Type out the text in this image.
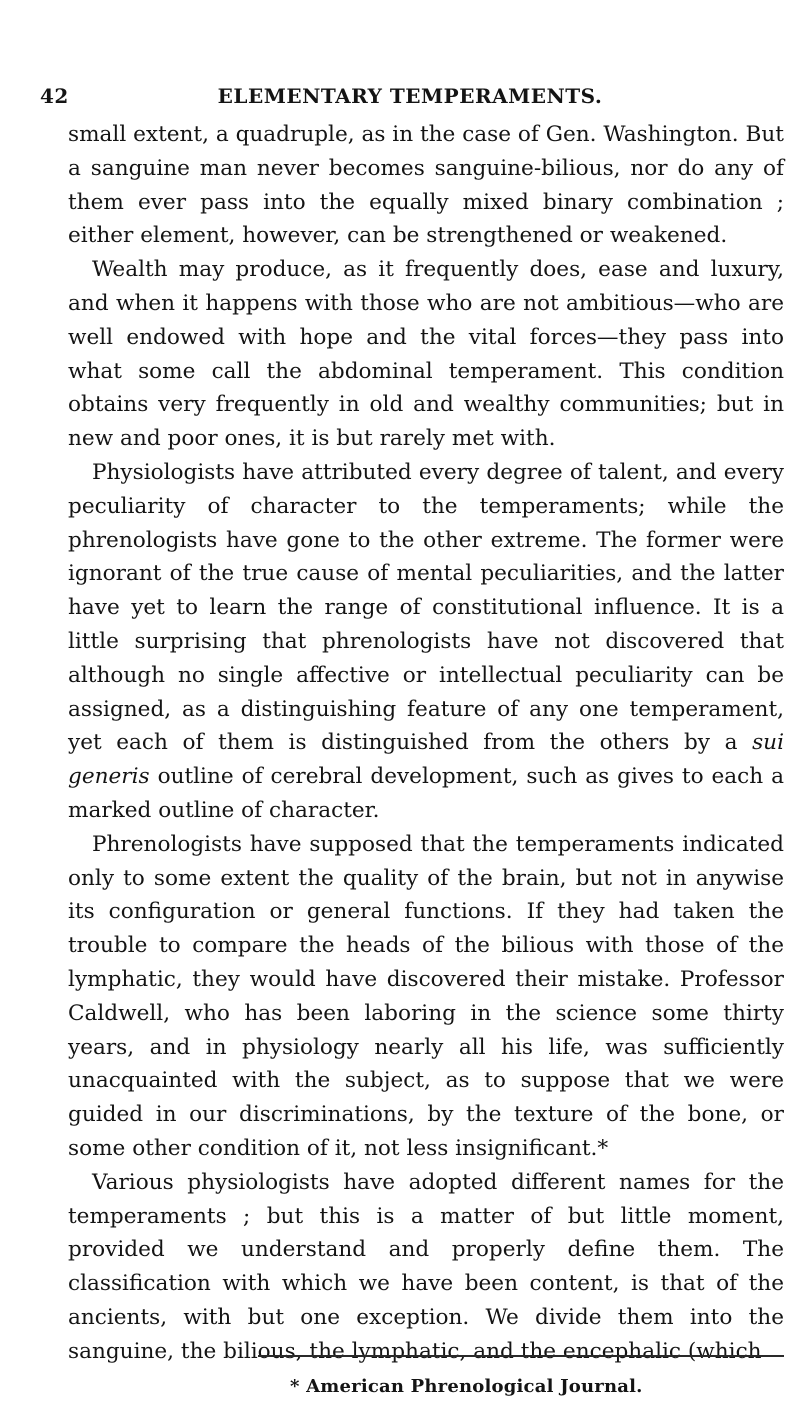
42	ELEMENTARY TEMPERAMENTS.

small extent, a quadruple, as in the case of Gen. Washington. But a sanguine man never becomes sanguine-bilious, nor do any of them ever pass into the equally mixed binary combination ; either element, however, can be strengthened or weakened.

Wealth may produce, as it frequently does, ease and luxury, and when it happens with those who are not ambitious—who are well endowed with hope and the vital forces—they pass into what some call the abdominal temperament. This condition obtains very frequently in old and wealthy communities; but in new and poor ones, it is but rarely met with.

Physiologists have attributed every degree of talent, and every peculiarity of character to the temperaments; while the phrenologists have gone to the other extreme. The former were ignorant of the true cause of mental peculiarities, and the latter have yet to learn the range of constitutional influence. It is a little surprising that phrenologists have not discovered that although no single affective or intellectual peculiarity can be assigned, as a distinguishing feature of any one temperament, yet each of them is distinguished from the others by a sui generis outline of cerebral development, such as gives to each a marked outline of character.

Phrenologists have supposed that the temperaments indicated only to some extent the quality of the brain, but not in anywise its configuration or general functions. If they had taken the trouble to compare the heads of the bilious with those of the lymphatic, they would have discovered their mistake. Professor Caldwell, who has been laboring in the science some thirty years, and in physiology nearly all his life, was sufficiently unacquainted with the subject, as to suppose that we were guided in our discriminations, by the texture of the bone, or some other condition of it, not less insignificant.*

Various physiologists have adopted different names for the temperaments ; but this is a matter of but little moment, provided we understand and properly define them. The classification with which we have been content, is that of the ancients, with but one exception. We divide them into the sanguine, the bilious, the lymphatic, and the encephalic (which

* American Phrenological Journal.
